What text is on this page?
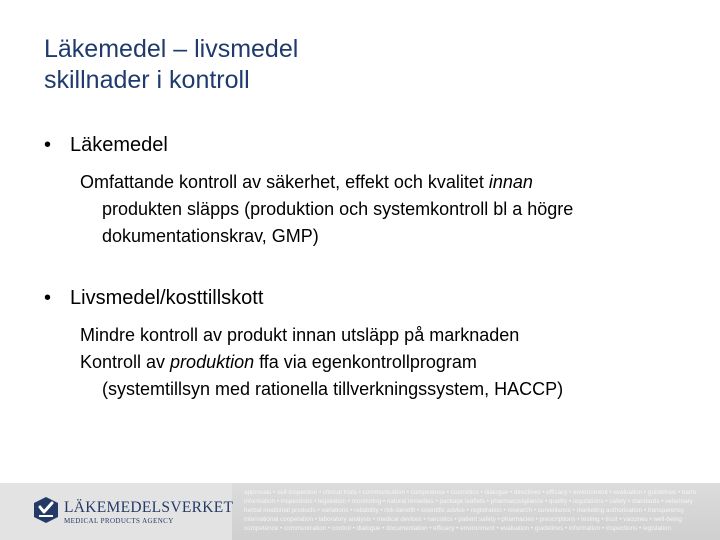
Läkemedel – livsmedel
skillnader i kontroll
• Läkemedel
Omfattande kontroll av säkerhet, effekt och kvalitet innan
produkten släpps (produktion och systemkontroll bl a högre
dokumentationskrav, GMP)
• Livsmedel/kosttillskott
Mindre kontroll av produkt innan utsläpp på marknaden
Kontroll av produktion ffa via egenkontrollprogram
(systemtillsyn med rationella tillverkningssystem, HACCP)
LÄKEMEDELSVERKET
MEDICAL PRODUCTS AGENCY
approvals • self-inspection • clinical trials • communication • competence • cosmetics • dialogue • directives • efficacy • environment • evaluation • guidelines • harm
information • inspections • legislation • monitoring • natural remedies • package leaflets • pharmacovigilance • quality • regulations • safety • standards • veterinary
herbal medicinal products • variations • reliability • risk-benefit • scientific advice • registration • research • surveillance • marketing authorisation • transparency
international cooperation • laboratory analysis • medical devices • narcotics • patient safety • pharmacies • prescriptions • testing • trust • vaccines • well-being
competence • communication • control • dialogue • documentation • efficacy • environment • evaluation • guidelines • information • inspections • legislation
